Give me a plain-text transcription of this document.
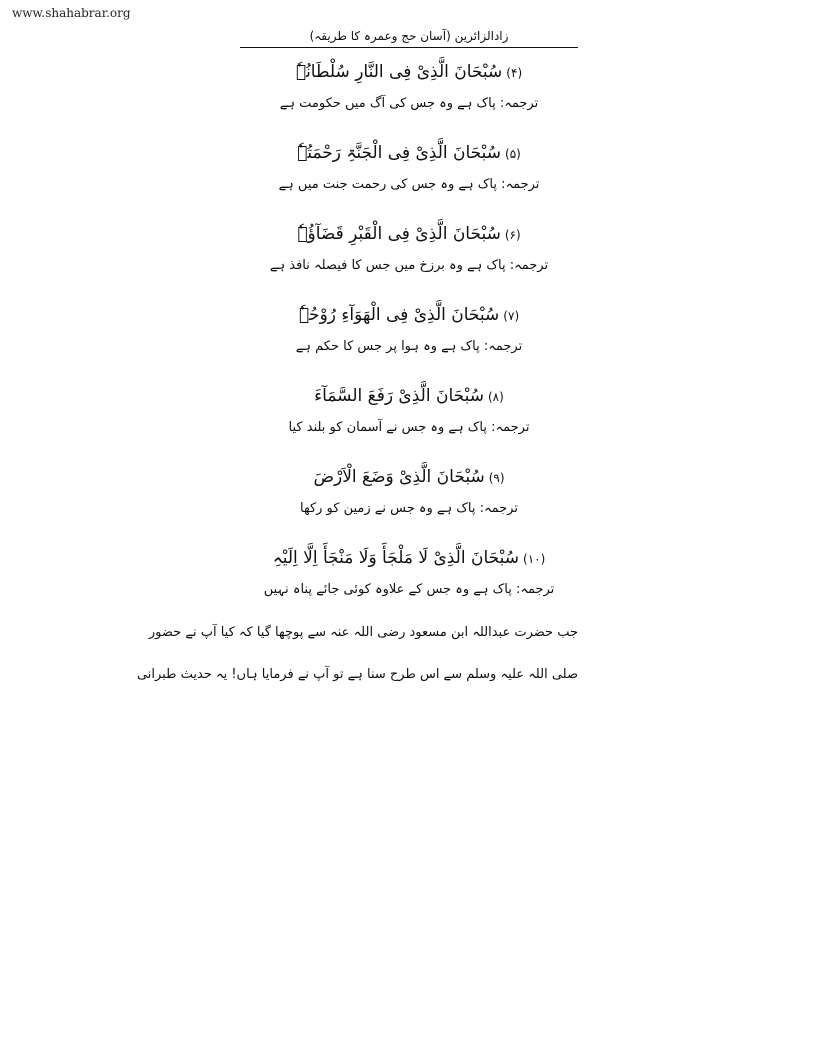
www.shahabrar.org
زادالزائرین (آسان حج وعمرہ کا طریقہ)
(۴)سُبْحَانَ الَّذِیْ فِی النَّارِ سُلْطَانُہٗ
ترجمہ: پاک ہے وہ جس کی آگ میں حکومت ہے
(۵)سُبْحَانَ الَّذِیْ فِی الْجَنَّۃِ رَحْمَتُہٗ
ترجمہ: پاک ہے وہ جس کی رحمت جنت میں ہے
(۶)سُبْحَانَ الَّذِیْ فِی الْقَبْرِ قَضَآؤُہٗ
ترجمہ: پاک ہے وہ برزخ میں جس کا فیصلہ نافذ ہے
(۷)سُبْحَانَ الَّذِیْ فِی الْھَوَآءِ رُوْحُہٗ
ترجمہ: پاک ہے وہ ہوا پر جس کا حکم ہے
(۸)سُبْحَانَ الَّذِیْ رَفَعَ السَّمَآءَ
ترجمہ: پاک ہے وہ جس نے آسمان کو بلند کیا
(۹)سُبْحَانَ الَّذِیْ وَضَعَ الْاَرْضَ
ترجمہ: پاک ہے وہ جس نے زمین کو رکھا
(۱۰)سُبْحَانَ الَّذِیْ لَا مَلْجَأَ وَلَا مَنْجَأَ اِلَّا اِلَیْہِ
ترجمہ: پاک ہے وہ جس کے علاوہ کوئی جائے پناہ نہیں
جب حضرت عبداللہ ابن مسعود رضی اللہ عنہ سے پوچھا گیا کہ کیا آپ نے حضور
صلی اللہ علیہ وسلم سے اس طرح سنا ہے تو آپ نے فرمایا ہاں! یہ حدیث طبرانی
